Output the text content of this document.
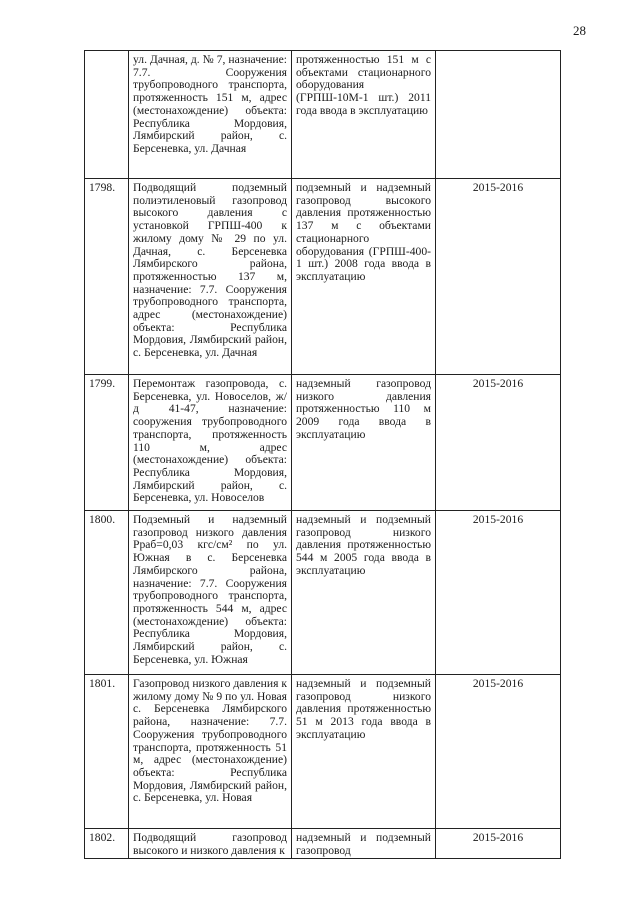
28
	ул. Дачная, д. № 7, назначение: 7.7. Сооружения трубопроводного транспорта, протяженность 151 м, адрес (местонахождение) объекта: Республика Мордовия, Лямбирский район, с. Берсеневка, ул. Дачная	протяженностью 151 м с объектами стационарного оборудования (ГРПШ-10М-1 шт.) 2011 года ввода в эксплуатацию	
1798.	Подводящий подземный полиэтиленовый газопровод высокого давления с установкой ГРПШ-400 к жилому дому № 29 по ул. Дачная, с. Берсеневка Лямбирского района, протяженностью 137 м, назначение: 7.7. Сооружения трубопроводного транспорта, адрес (местонахождение) объекта: Республика Мордовия, Лямбирский район, с. Берсеневка, ул. Дачная	подземный и надземный газопровод высокого давления протяженностью 137 м с объектами стационарного оборудования (ГРПШ-400-1 шт.) 2008 года ввода в эксплуатацию	2015-2016
1799.	Перемонтаж газопровода, с. Берсеневка, ул. Новоселов, ж/д 41-47, назначение: сооружения трубопроводного транспорта, протяженность 110 м, адрес (местонахождение) объекта: Республика Мордовия, Лямбирский район, с. Берсеневка, ул. Новоселов	надземный газопровод низкого давления протяженностью 110 м 2009 года ввода в эксплуатацию	2015-2016
1800.	Подземный и надземный газопровод низкого давления Рраб=0,03 кгс/см² по ул. Южная в с. Берсеневка Лямбирского района, назначение: 7.7. Сооружения трубопроводного транспорта, протяженность 544 м, адрес (местонахождение) объекта: Республика Мордовия, Лямбирский район, с. Берсеневка, ул. Южная	надземный и подземный газопровод низкого давления протяженностью 544 м 2005 года ввода в эксплуатацию	2015-2016
1801.	Газопровод низкого давления к жилому дому № 9 по ул. Новая с. Берсеневка Лямбирского района, назначение: 7.7. Сооружения трубопроводного транспорта, протяженность 51 м, адрес (местонахождение) объекта: Республика Мордовия, Лямбирский район, с. Берсеневка, ул. Новая	надземный и подземный газопровод низкого давления протяженностью 51 м 2013 года ввода в эксплуатацию	2015-2016
1802.	Подводящий газопровод высокого и низкого давления к	надземный и подземный газопровод	2015-2016
